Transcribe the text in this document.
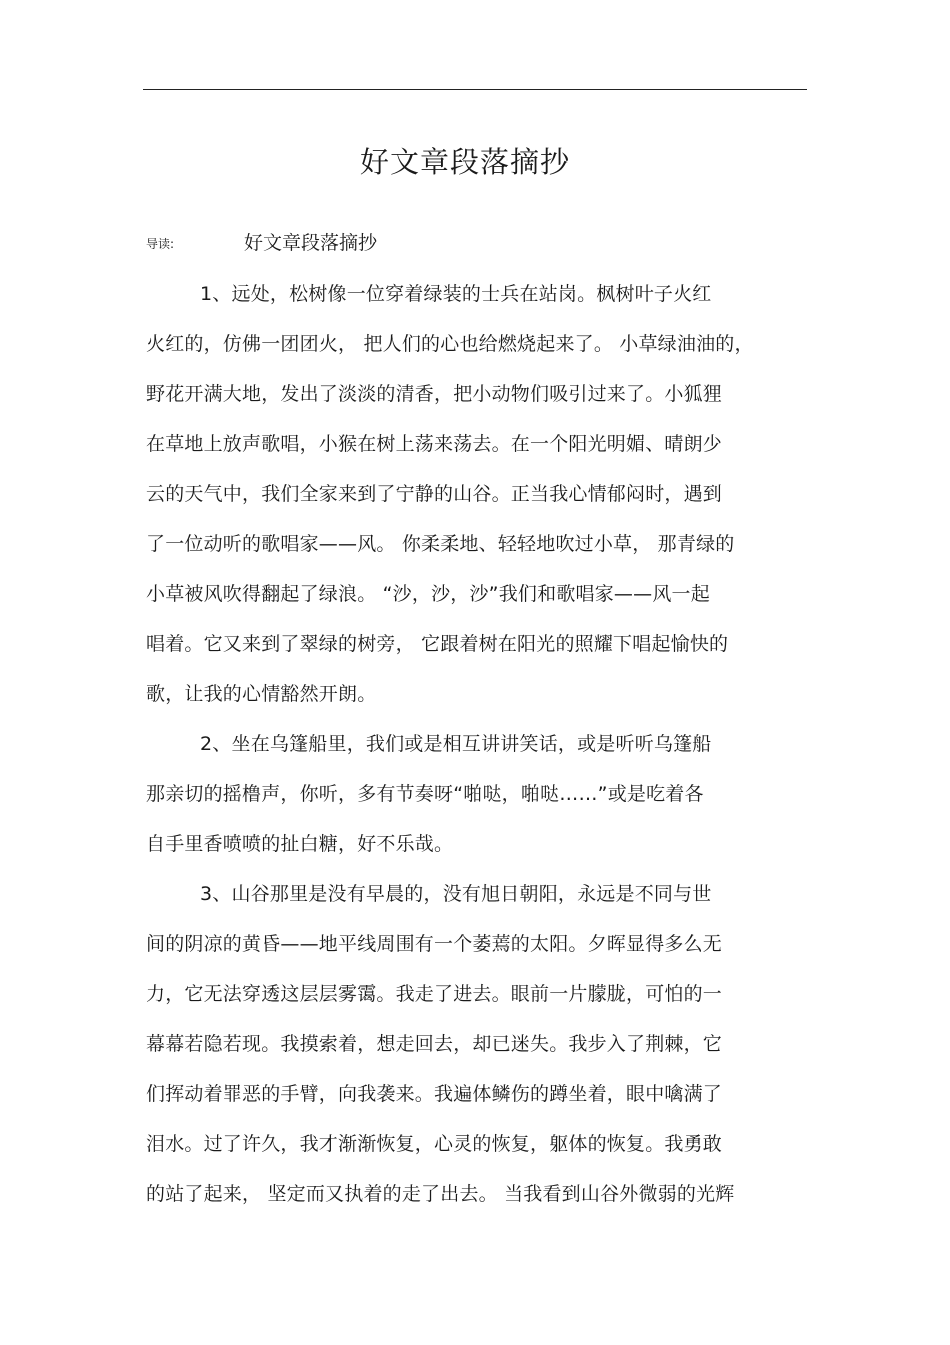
好文章段落摘抄
导读:	好文章段落摘抄
1、远处，松树像一位穿着绿装的士兵在站岗。枫树叶子火红
火红的，仿佛一团团火， 把人们的心也给燃烧起来了。 小草绿油油的，
野花开满大地，发出了淡淡的清香，把小动物们吸引过来了。小狐狸
在草地上放声歌唱，小猴在树上荡来荡去。在一个阳光明媚、晴朗少
云的天气中，我们全家来到了宁静的山谷。正当我心情郁闷时，遇到
了一位动听的歌唱家——风。 你柔柔地、轻轻地吹过小草， 那青绿的
小草被风吹得翻起了绿浪。 “沙，沙，沙”我们和歌唱家——风一起
唱着。它又来到了翠绿的树旁， 它跟着树在阳光的照耀下唱起愉快的
歌，让我的心情豁然开朗。
2、坐在乌篷船里，我们或是相互讲讲笑话，或是听听乌篷船
那亲切的摇橹声，你听，多有节奏呀“啪哒，啪哒……”或是吃着各
自手里香喷喷的扯白糖，好不乐哉。
3、山谷那里是没有早晨的，没有旭日朝阳，永远是不同与世
间的阴凉的黄昏——地平线周围有一个萎蔫的太阳。夕晖显得多么无
力，它无法穿透这层层雾霭。我走了进去。眼前一片朦胧，可怕的一
幕幕若隐若现。我摸索着，想走回去，却已迷失。我步入了荆棘，它
们挥动着罪恶的手臂，向我袭来。我遍体鳞伤的蹲坐着，眼中噙满了
泪水。过了许久，我才渐渐恢复，心灵的恢复，躯体的恢复。我勇敢
的站了起来， 坚定而又执着的走了出去。 当我看到山谷外微弱的光辉
